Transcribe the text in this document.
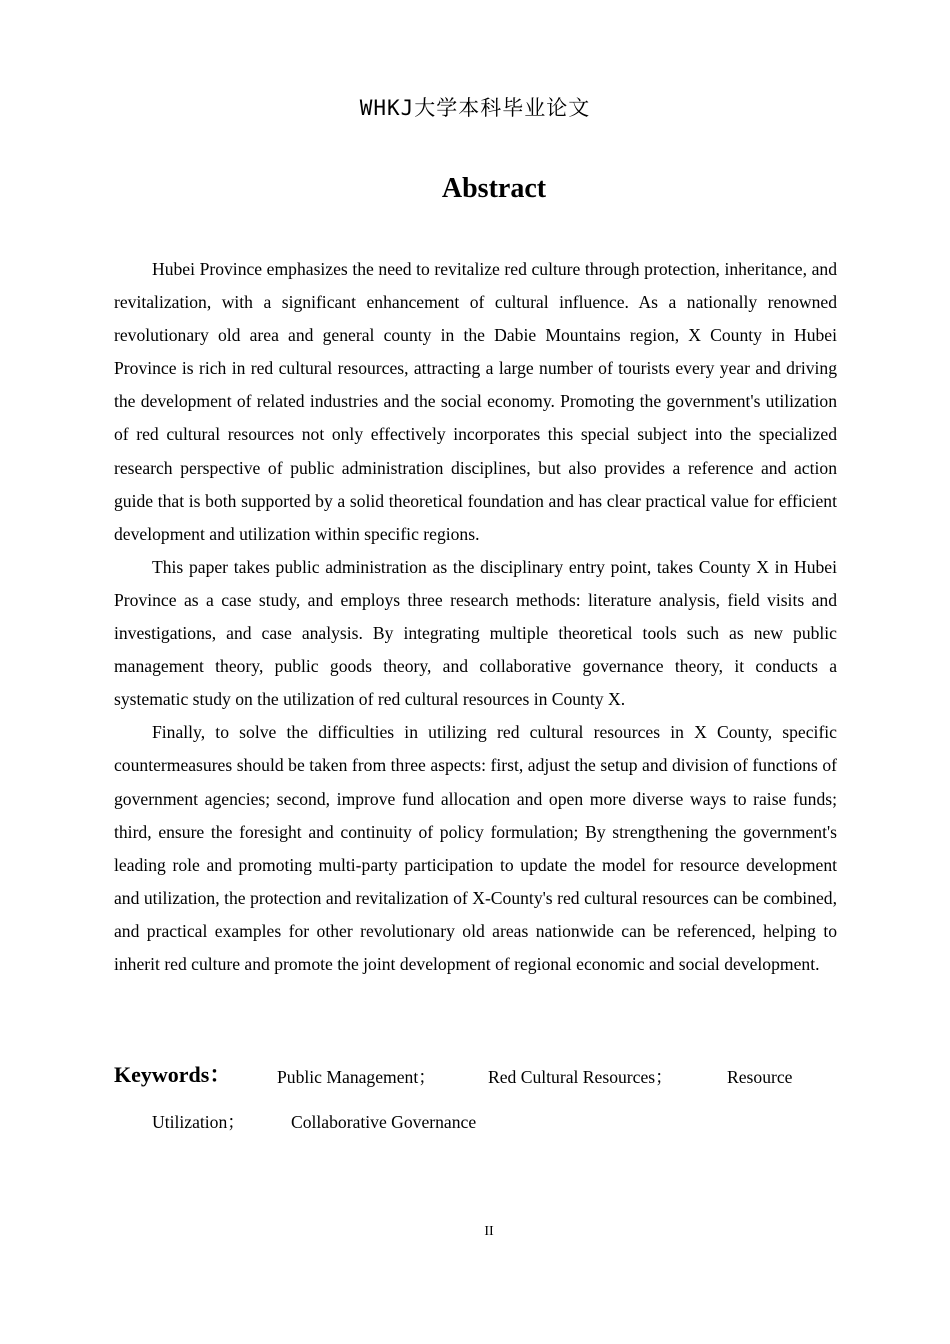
WHKJ大学本科毕业论文
Abstract

Hubei Province emphasizes the need to revitalize red culture through protection, inheritance, and revitalization, with a significant enhancement of cultural influence. As a nationally renowned revolutionary old area and general county in the Dabie Mountains region, X County in Hubei Province is rich in red cultural resources, attracting a large number of tourists every year and driving the development of related industries and the social economy. Promoting the government's utilization of red cultural resources not only effectively incorporates this special subject into the specialized research perspective of public administration disciplines, but also provides a reference and action guide that is both supported by a solid theoretical foundation and has clear practical value for efficient development and utilization within specific regions.

This paper takes public administration as the disciplinary entry point, takes County X in Hubei Province as a case study, and employs three research methods: literature analysis, field visits and investigations, and case analysis. By integrating multiple theoretical tools such as new public management theory, public goods theory, and collaborative governance theory, it conducts a systematic study on the utilization of red cultural resources in County X.

Finally, to solve the difficulties in utilizing red cultural resources in X County, specific countermeasures should be taken from three aspects: first, adjust the setup and division of functions of government agencies; second, improve fund allocation and open more diverse ways to raise funds; third, ensure the foresight and continuity of policy formulation; By strengthening the government's leading role and promoting multi-party participation to update the model for resource development and utilization, the protection and revitalization of X-County's red cultural resources can be combined, and practical examples for other revolutionary old areas nationwide can be referenced, helping to inherit red culture and promote the joint development of regional economic and social development.

Keywords：	Public Management；	Red Cultural Resources；	Resource
Utilization；	Collaborative Governance
II
